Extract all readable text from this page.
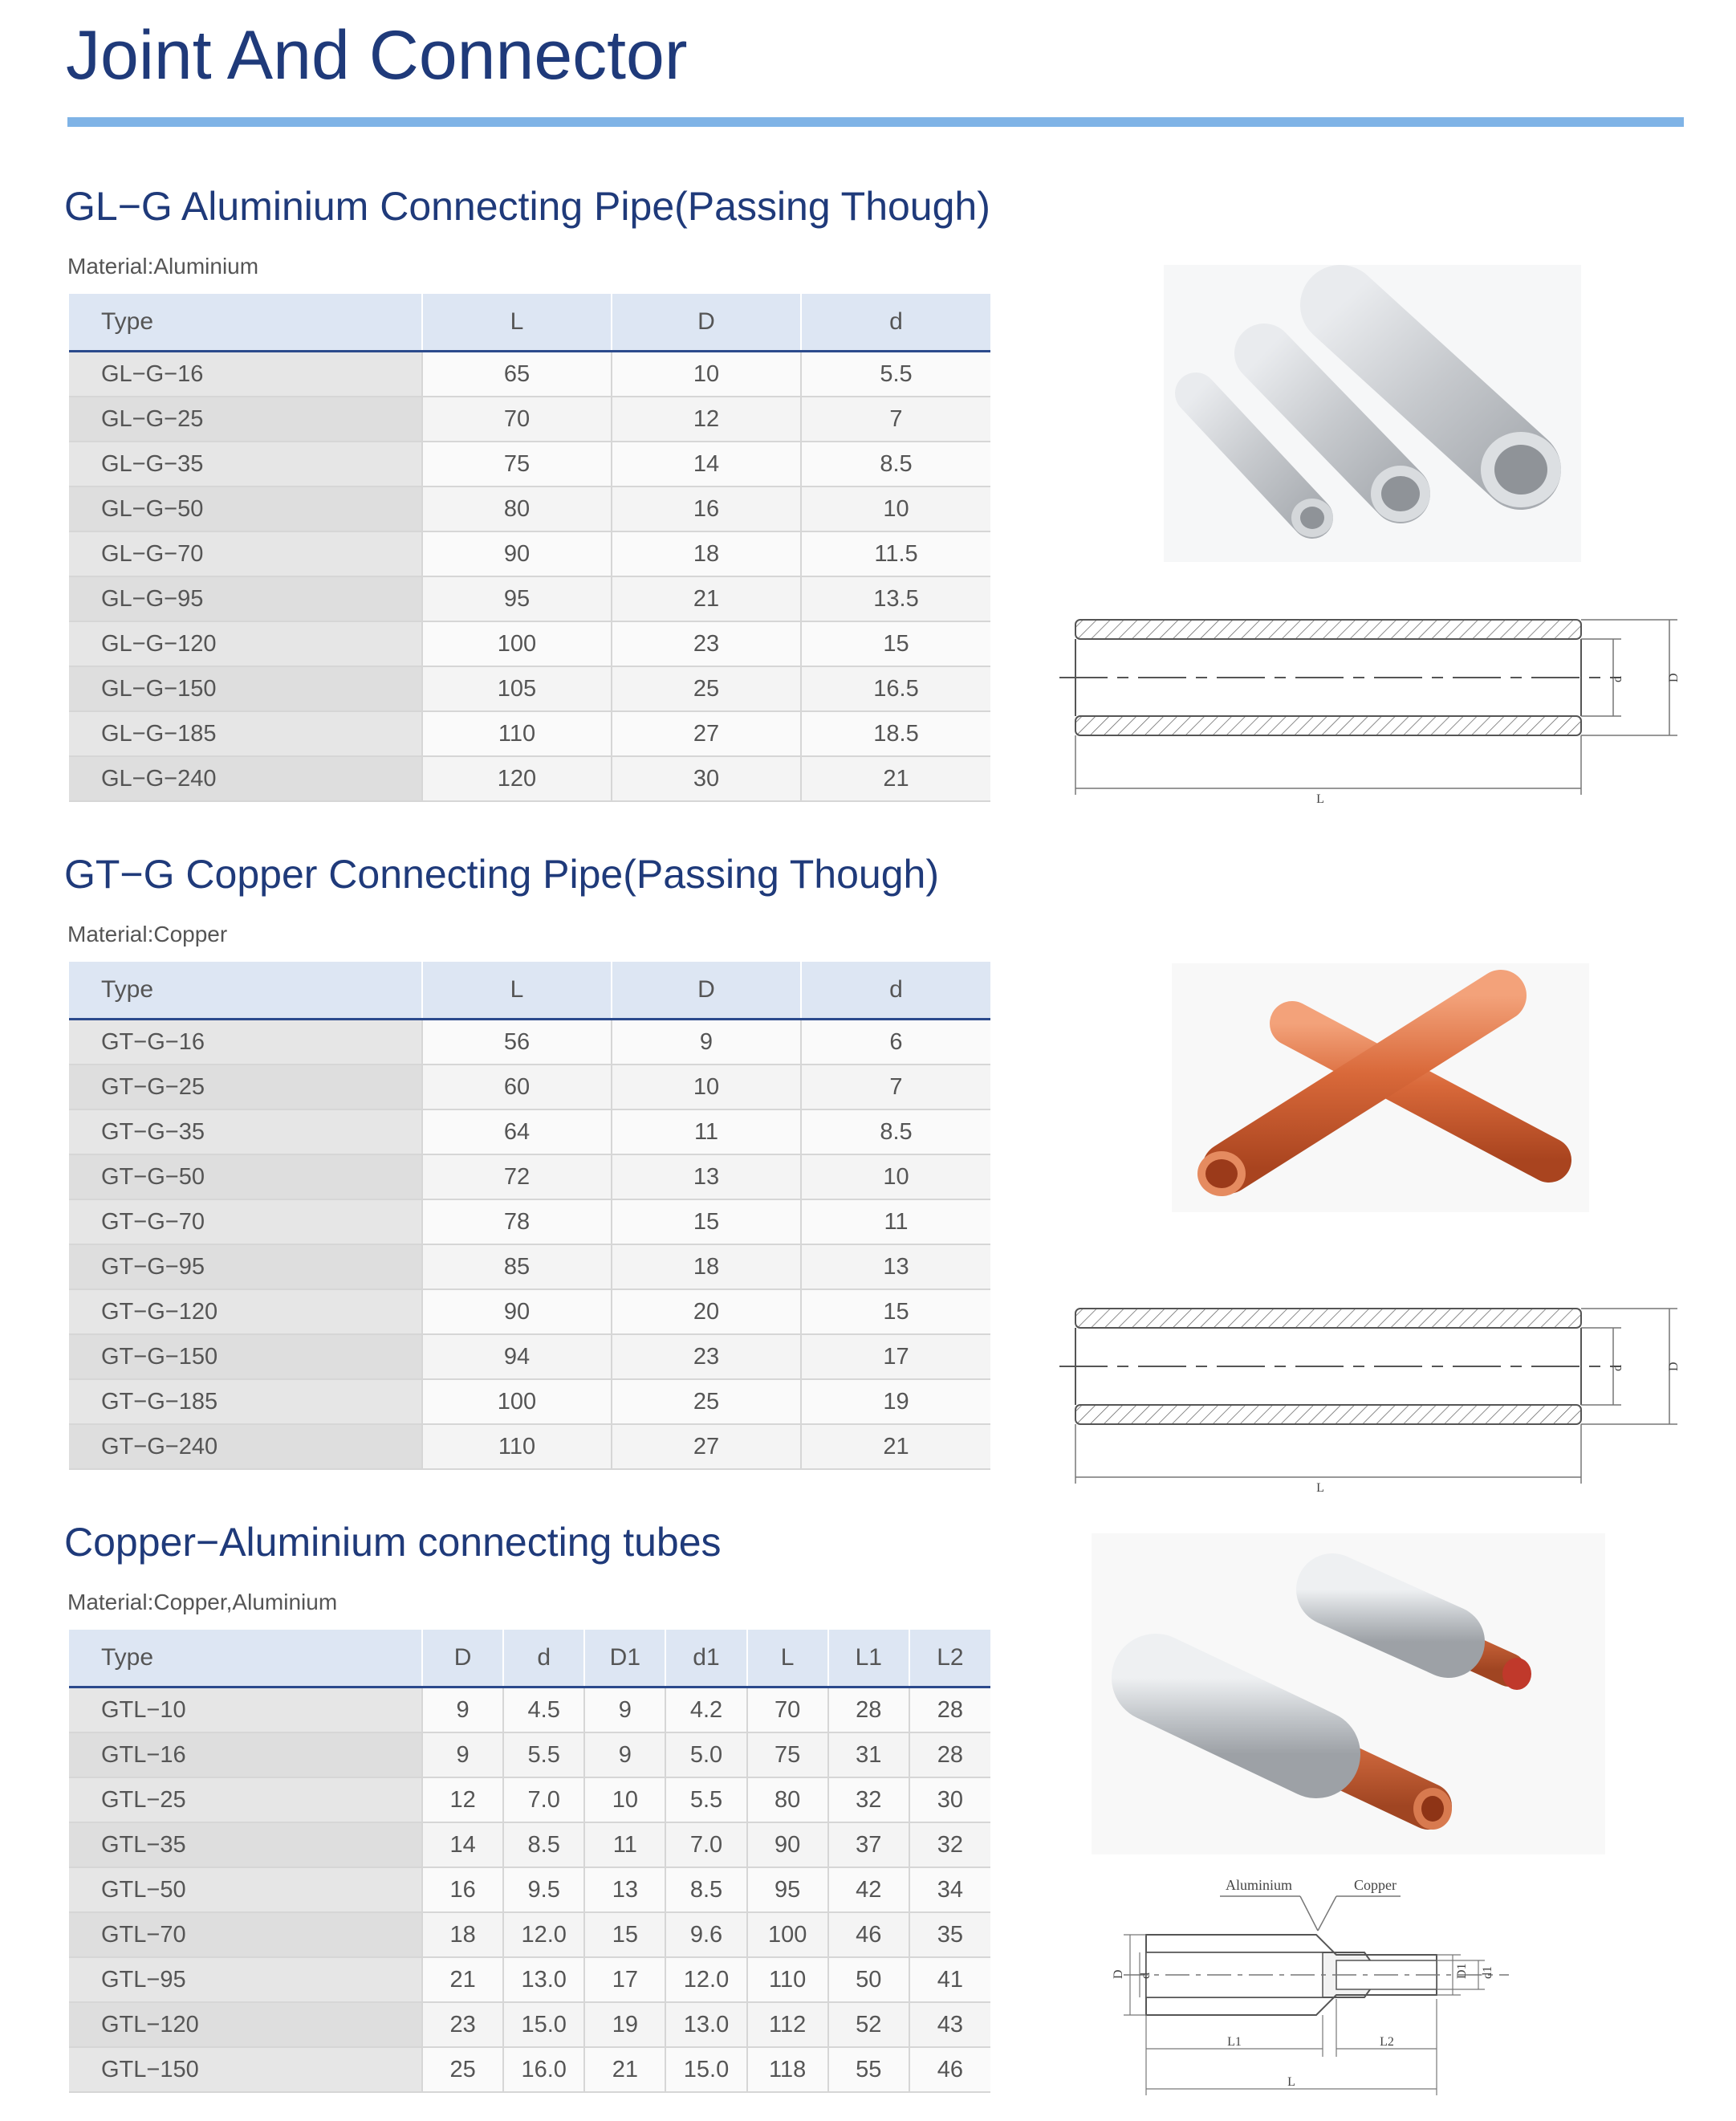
Joint And Connector
GL−G Aluminium Connecting Pipe(Passing Though)
Material:Aluminium
Type	L	D	d
GL−G−16	65	10	5.5
GL−G−25	70	12	7
GL−G−35	75	14	8.5
GL−G−50	80	16	10
GL−G−70	90	18	11.5
GL−G−95	95	21	13.5
GL−G−120	100	23	15
GL−G−150	105	25	16.5
GL−G−185	110	27	18.5
GL−G−240	120	30	21
GT−G Copper Connecting Pipe(Passing Though)
Material:Copper
Type	L	D	d
GT−G−16	56	9	6
GT−G−25	60	10	7
GT−G−35	64	11	8.5
GT−G−50	72	13	10
GT−G−70	78	15	11
GT−G−95	85	18	13
GT−G−120	90	20	15
GT−G−150	94	23	17
GT−G−185	100	25	19
GT−G−240	110	27	21
Copper−Aluminium connecting tubes
Material:Copper,Aluminium
Type	D	d	D1	d1	L	L1	L2
GTL−10	9	4.5	9	4.2	70	28	28
GTL−16	9	5.5	9	5.0	75	31	28
GTL−25	12	7.0	10	5.5	80	32	30
GTL−35	14	8.5	11	7.0	90	37	32
GTL−50	16	9.5	13	8.5	95	42	34
GTL−70	18	12.0	15	9.6	100	46	35
GTL−95	21	13.0	17	12.0	110	50	41
GTL−120	23	15.0	19	13.0	112	52	43
GTL−150	25	16.0	21	15.0	118	55	46
d	D
L
d	D
L
Aluminium	Copper
D d	D1 d1
L1	L2
L
